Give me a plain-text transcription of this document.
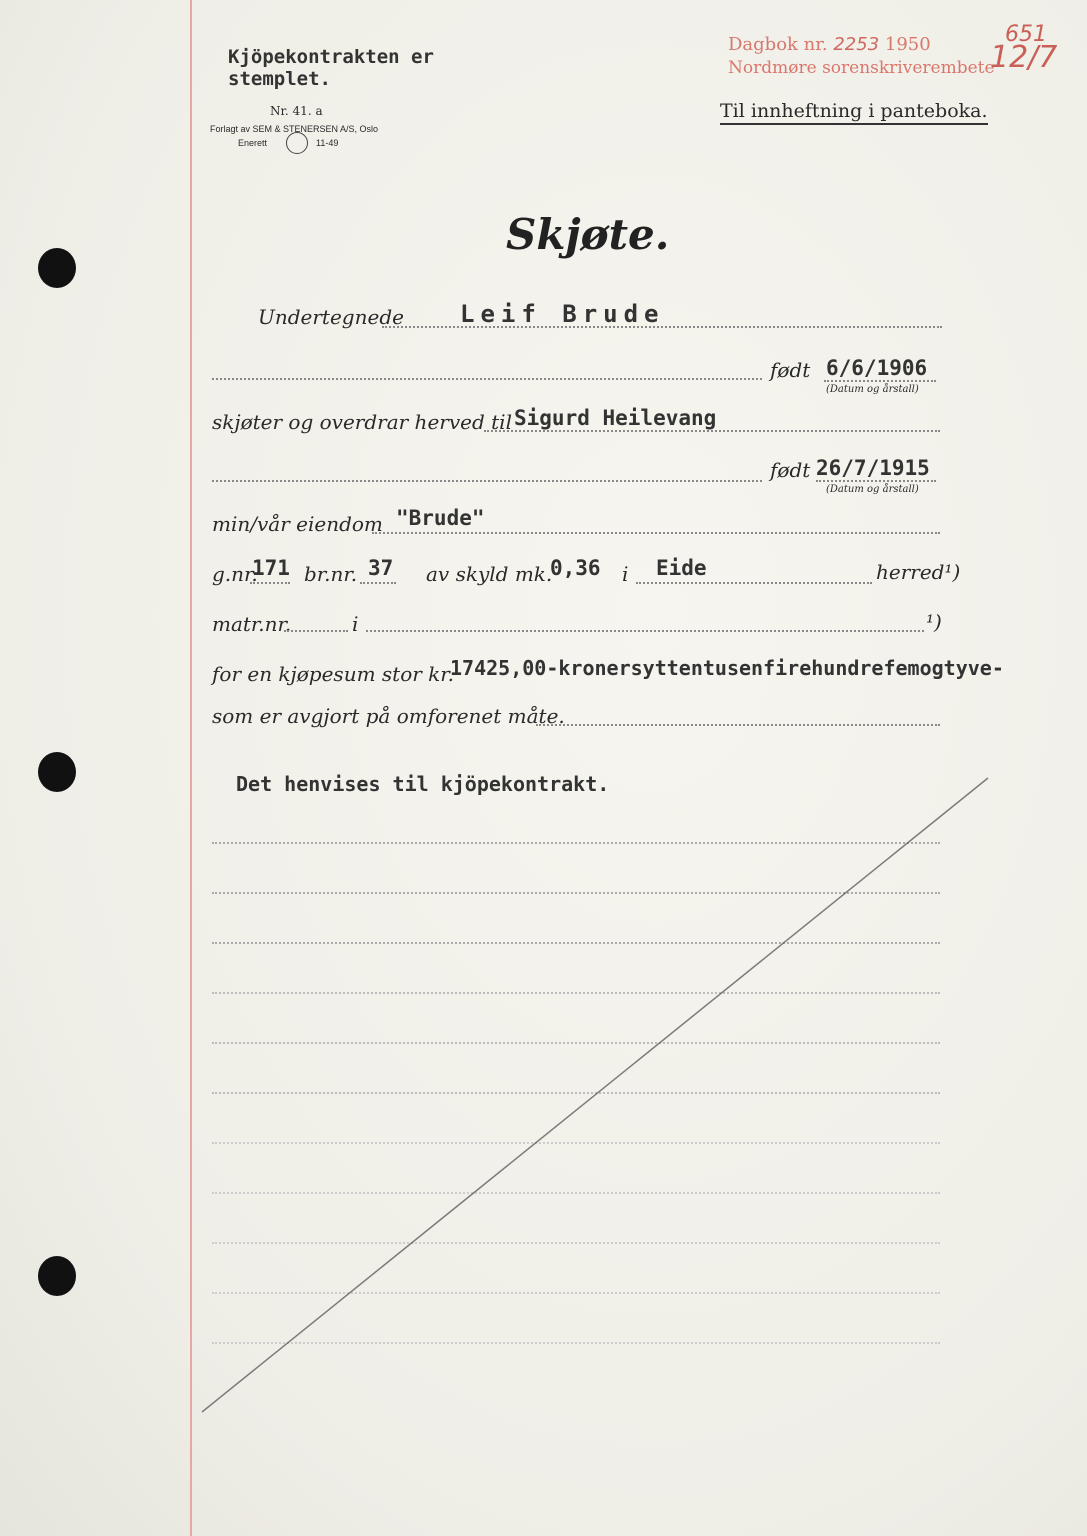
Kjöpekontrakten er
stemplet.
Nr. 41. a
Forlagt av SEM & STENERSEN A/S, Oslo
Enerett	11-49
Dagbok nr. 2253 1950
Nordmøre sorenskriverembete
651
12/7
Til innheftning i panteboka.
Skjøte.
Undertegnede Leif Brude
født 6/6/1906
(Datum og årstall)
skjøter og overdrar herved til Sigurd Heilevang
født 26/7/1915
(Datum og årstall)
min/vår eiendom "Brude"
g.nr.
171 br.nr. 37 av skyld mk.
0,36 i Eide	herred¹)
matr.nr.	i	¹)
for en kjøpesum stor kr.
17425,00-kronersyttentusenfirehundrefemogtyve-
som er avgjort på omforenet måte.
Det henvises til kjöpekontrakt.
